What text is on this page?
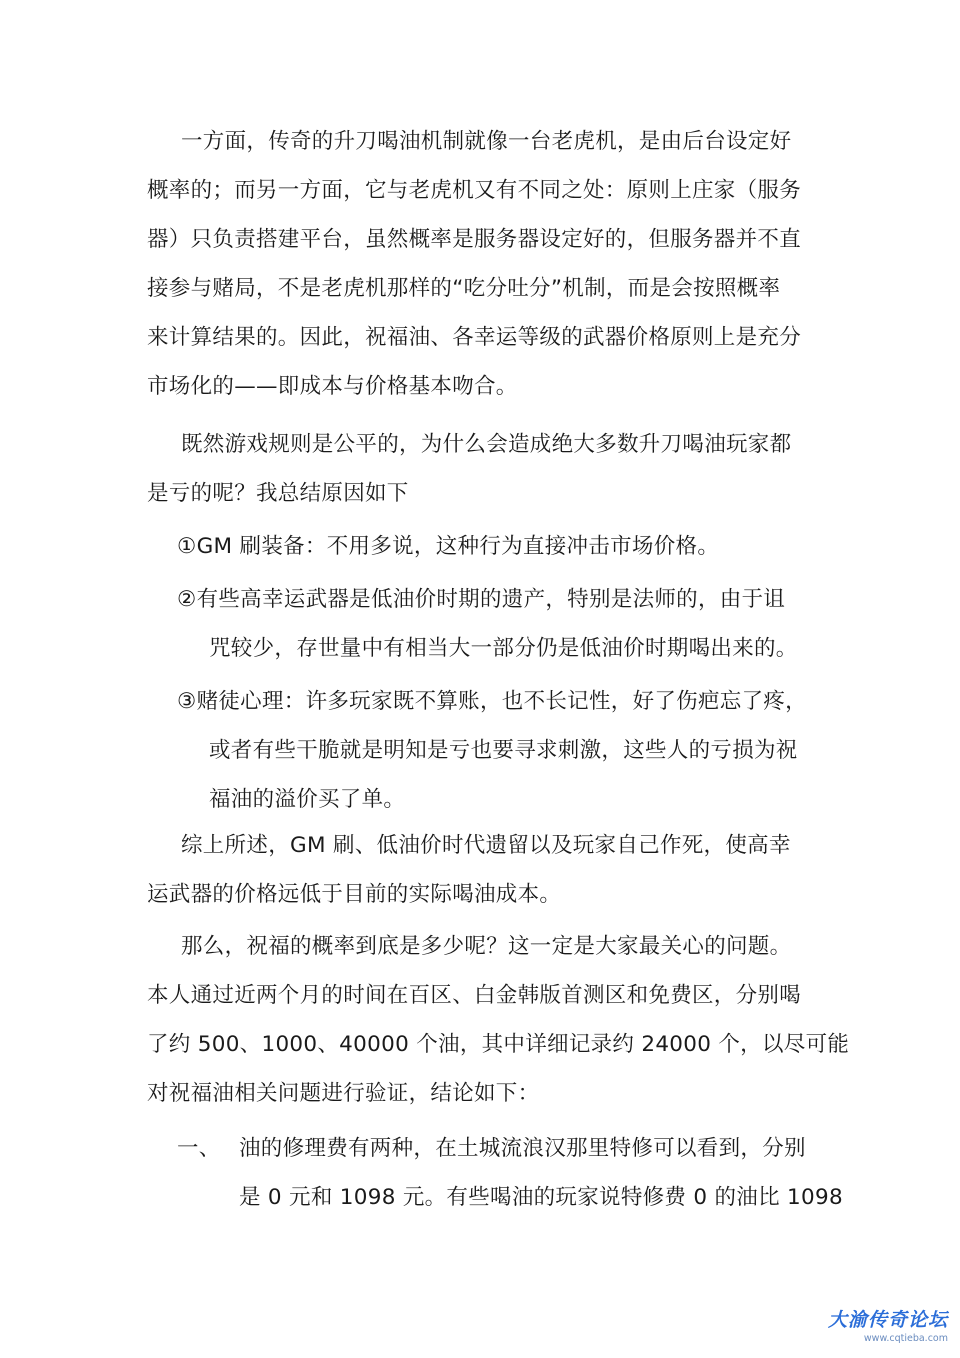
一方面，传奇的升刀喝油机制就像一台老虎机，是由后台设定好
概率的；而另一方面，它与老虎机又有不同之处：原则上庄家（服务
器）只负责搭建平台，虽然概率是服务器设定好的，但服务器并不直
接参与赌局，不是老虎机那样的“吃分吐分”机制，而是会按照概率
来计算结果的。因此，祝福油、各幸运等级的武器价格原则上是充分
市场化的——即成本与价格基本吻合。
既然游戏规则是公平的，为什么会造成绝大多数升刀喝油玩家都
是亏的呢？我总结原因如下
①GM 刷装备：不用多说，这种行为直接冲击市场价格。
②有些高幸运武器是低油价时期的遗产，特别是法师的，由于诅
咒较少，存世量中有相当大一部分仍是低油价时期喝出来的。
③赌徒心理：许多玩家既不算账，也不长记性，好了伤疤忘了疼，
或者有些干脆就是明知是亏也要寻求刺激，这些人的亏损为祝
福油的溢价买了单。
综上所述，GM 刷、低油价时代遗留以及玩家自己作死，使高幸
运武器的价格远低于目前的实际喝油成本。
那么，祝福的概率到底是多少呢？这一定是大家最关心的问题。
本人通过近两个月的时间在百区、白金韩版首测区和免费区，分别喝
了约 500、1000、40000 个油，其中详细记录约 24000 个，以尽可能
对祝福油相关问题进行验证，结论如下：
一、 油的修理费有两种，在土城流浪汉那里特修可以看到，分别
是 0 元和 1098 元。有些喝油的玩家说特修费 0 的油比 1098
大渝传奇论坛
www.cqtieba.com
